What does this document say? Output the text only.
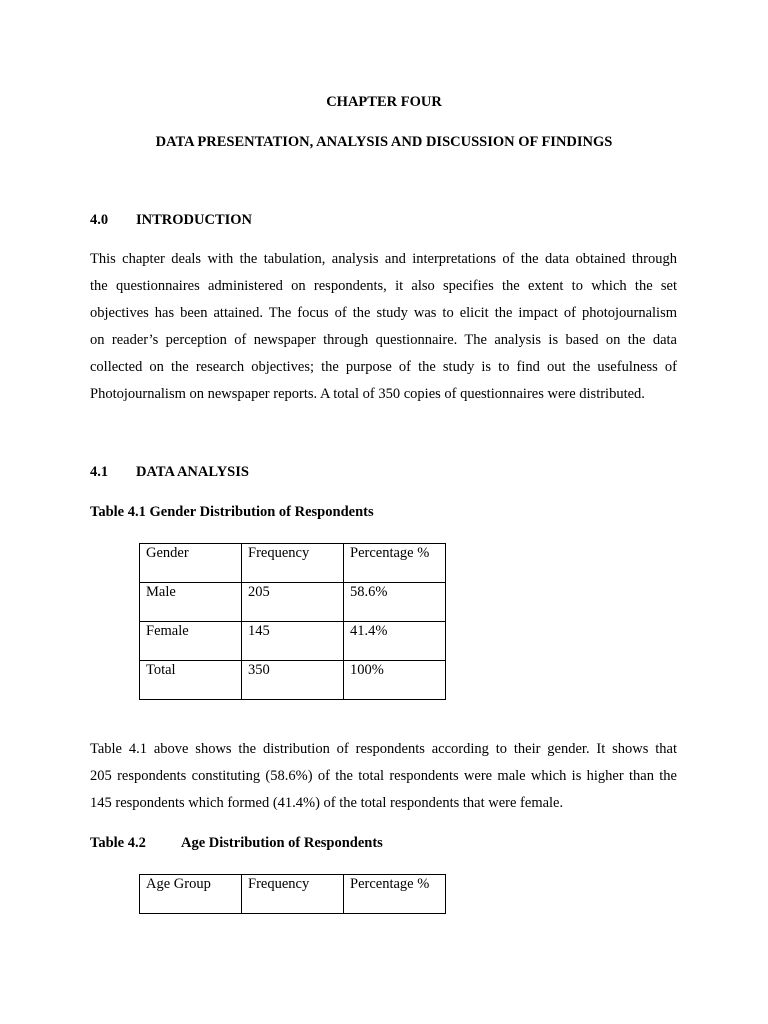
CHAPTER FOUR
DATA PRESENTATION, ANALYSIS AND DISCUSSION OF FINDINGS
4.0 INTRODUCTION
This chapter deals with the tabulation, analysis and interpretations of the data obtained through
the questionnaires administered on respondents, it also specifies the extent to which the set
objectives has been attained. The focus of the study was to elicit the impact of photojournalism
on reader’s perception of newspaper through questionnaire. The analysis is based on the data
collected on the research objectives; the purpose of the study is to find out the usefulness of
Photojournalism on newspaper reports. A total of 350 copies of questionnaires were distributed.
4.1 DATA ANALYSIS
Table 4.1 Gender Distribution of Respondents
Gender	Frequency	Percentage %
Male	205	58.6%
Female	145	41.4%
Total	350	100%
Table 4.1 above shows the distribution of respondents according to their gender. It shows that
205 respondents constituting (58.6%) of the total respondents were male which is higher than the
145 respondents which formed (41.4%) of the total respondents that were female.
Table 4.2 Age Distribution of Respondents
Age Group	Frequency	Percentage %
